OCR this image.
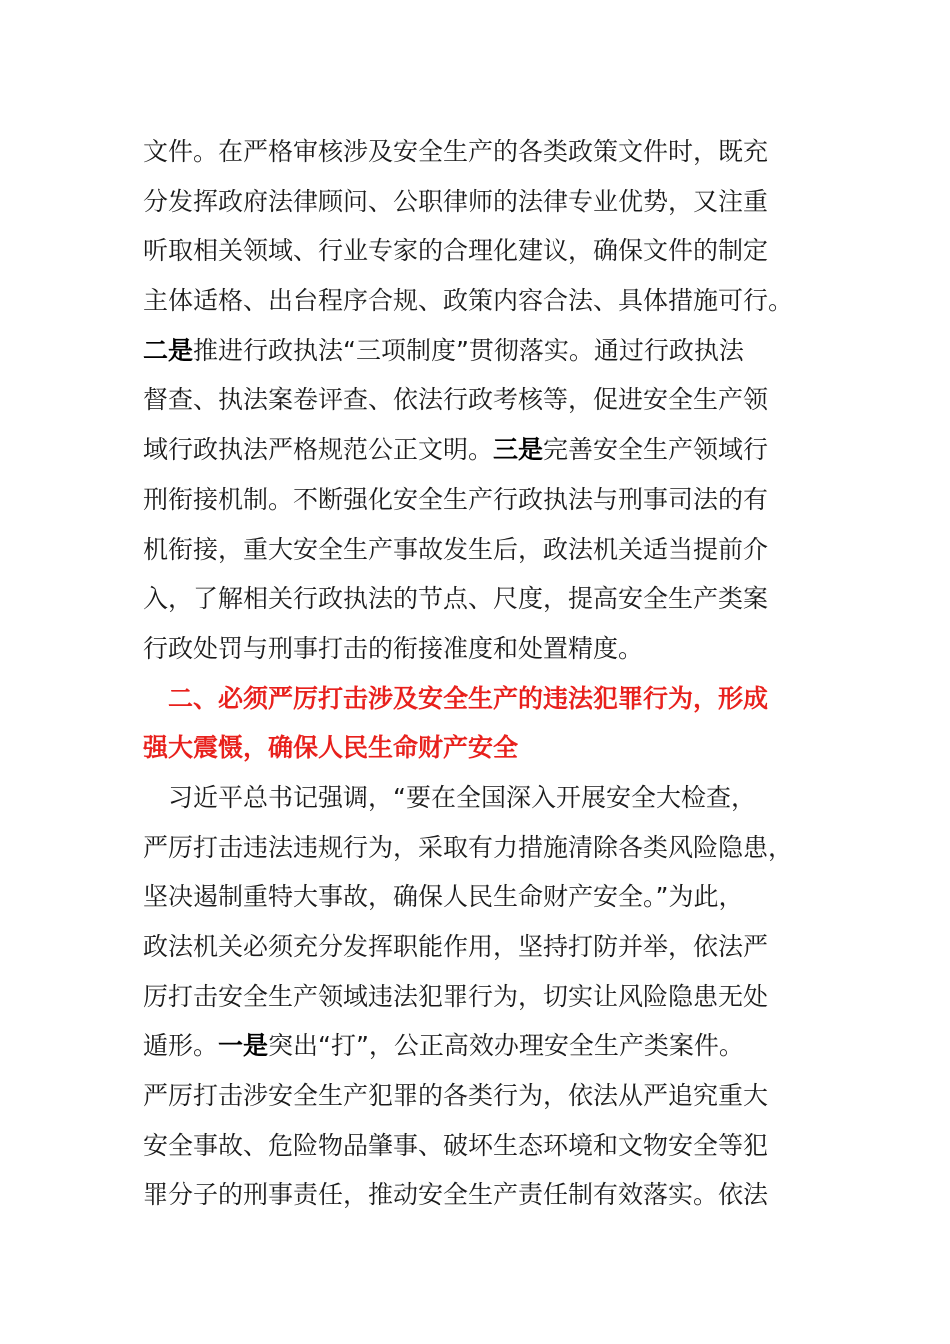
文件。在严格审核涉及安全生产的各类政策文件时，既充
分发挥政府法律顾问、公职律师的法律专业优势，又注重
听取相关领域、行业专家的合理化建议，确保文件的制定
主体适格、出台程序合规、政策内容合法、具体措施可行。
二是推进行政执法“三项制度”贯彻落实。通过行政执法
督查、执法案卷评查、依法行政考核等，促进安全生产领
域行政执法严格规范公正文明。三是完善安全生产领域行
刑衔接机制。不断强化安全生产行政执法与刑事司法的有
机衔接，重大安全生产事故发生后，政法机关适当提前介
入，了解相关行政执法的节点、尺度，提高安全生产类案
行政处罚与刑事打击的衔接准度和处置精度。
二、必须严厉打击涉及安全生产的违法犯罪行为，形成
强大震慑，确保人民生命财产安全
习近平总书记强调，“要在全国深入开展安全大检查，
严厉打击违法违规行为，采取有力措施清除各类风险隐患，
坚决遏制重特大事故，确保人民生命财产安全。”为此，
政法机关必须充分发挥职能作用，坚持打防并举，依法严
厉打击安全生产领域违法犯罪行为，切实让风险隐患无处
遁形。一是突出“打”，公正高效办理安全生产类案件。
严厉打击涉安全生产犯罪的各类行为，依法从严追究重大
安全事故、危险物品肇事、破坏生态环境和文物安全等犯
罪分子的刑事责任，推动安全生产责任制有效落实。依法
